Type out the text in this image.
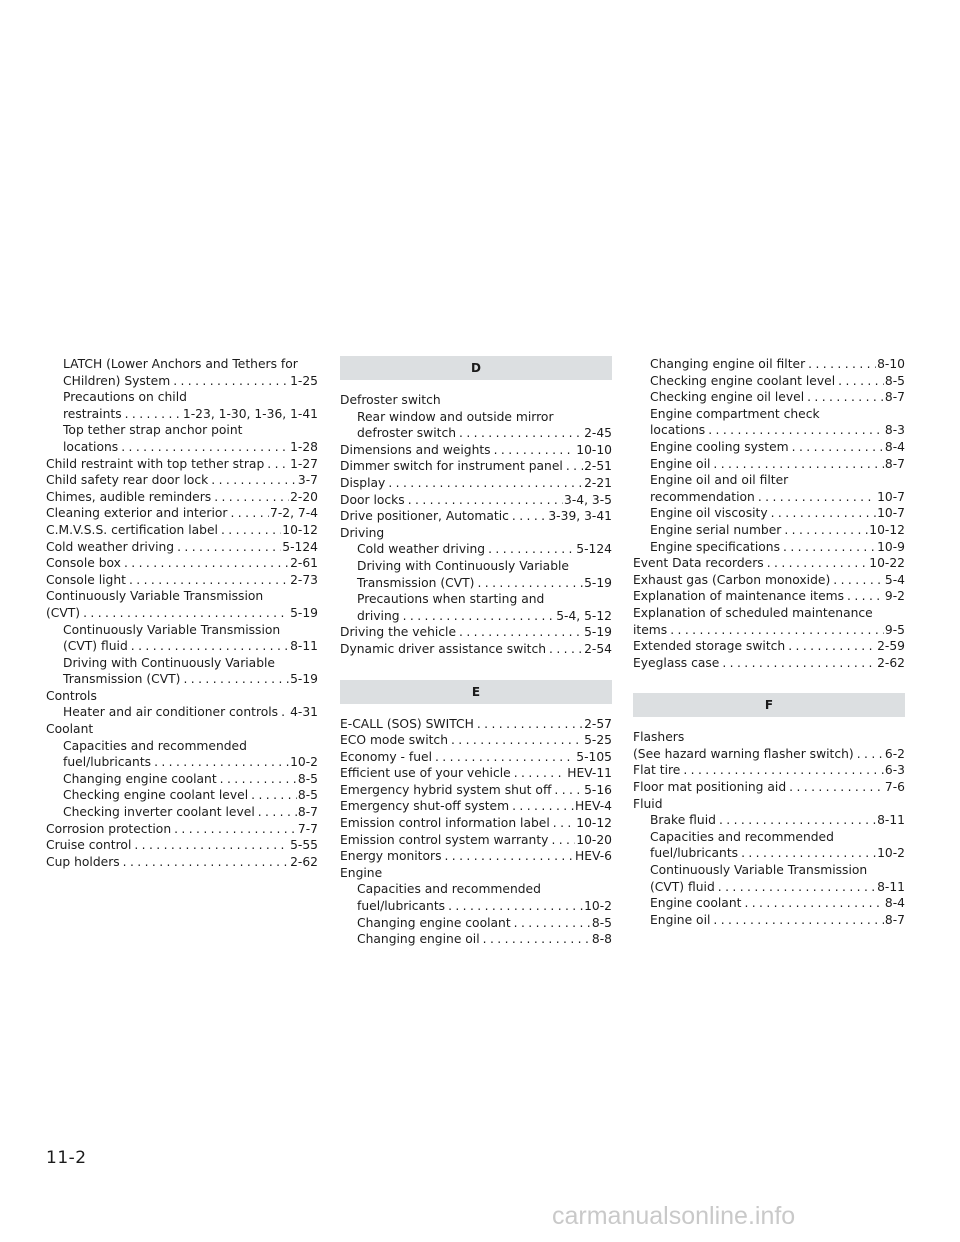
LATCH (Lower Anchors and Tethers for
CHildren) System .....	1-25
Precautions on child
restraints .....	1-23, 1-30, 1-36, 1-41
Top tether strap anchor point
locations .....	1-28
Child restraint with top tether strap ..... 1-27
Child safety rear door lock .....	3-7
Chimes, audible reminders .....	2-20
Cleaning exterior and interior .....	7-2, 7-4
C.M.V.S.S. certification label .....	10-12
Cold weather driving .....	5-124
Console box .....	2-61
Console light .....	2-73
Continuously Variable Transmission
(CVT) .....	5-19
Continuously Variable Transmission
(CVT) fluid .....	8-11
Driving with Continuously Variable
Transmission (CVT) .....	5-19
Controls
Heater and air conditioner controls ..... 4-31
Coolant
Capacities and recommended
fuel/lubricants .....	10-2
Changing engine coolant .....	8-5
Checking engine coolant level .....	8-5
Checking inverter coolant level .....	8-7
Corrosion protection .....	7-7
Cruise control .....	5-55
Cup holders .....	2-62
D
Defroster switch
Rear window and outside mirror
defroster switch .....	2-45
Dimensions and weights .....	10-10
Dimmer switch for instrument panel ..... 2-51
Display .....	2-21
Door locks .....	3-4, 3-5
Drive positioner, Automatic .....	3-39, 3-41
Driving
Cold weather driving .....	5-124
Driving with Continuously Variable
Transmission (CVT) .....	5-19
Precautions when starting and
driving .....	5-4, 5-12
Driving the vehicle .....	5-19
Dynamic driver assistance switch .....	2-54
E
E-CALL (SOS) SWITCH .....	2-57
ECO mode switch .....	5-25
Economy - fuel .....	5-105
Efficient use of your vehicle .....	HEV-11
Emergency hybrid system shut off .....	5-16
Emergency shut-off system .....	HEV-4
Emission control information label ..... 10-12
Emission control system warranty ..... 10-20
Energy monitors .....	HEV-6
Engine
Capacities and recommended
fuel/lubricants .....	10-2
Changing engine coolant .....	8-5
Changing engine oil .....	8-8
Changing engine oil filter .....	8-10
Checking engine coolant level .....	8-5
Checking engine oil level .....	8-7
Engine compartment check
locations .....	8-3
Engine cooling system .....	8-4
Engine oil .....	8-7
Engine oil and oil filter
recommendation .....	10-7
Engine oil viscosity .....	10-7
Engine serial number .....	10-12
Engine specifications .....	10-9
Event Data recorders .....	10-22
Exhaust gas (Carbon monoxide) .....	5-4
Explanation of maintenance items .....	9-2
Explanation of scheduled maintenance
items .....	9-5
Extended storage switch .....	2-59
Eyeglass case .....	2-62
F
Flashers
(See hazard warning flasher switch) .....	6-2
Flat tire .....	6-3
Floor mat positioning aid .....	7-6
Fluid
Brake fluid .....	8-11
Capacities and recommended
fuel/lubricants .....	10-2
Continuously Variable Transmission
(CVT) fluid .....	8-11
Engine coolant .....	8-4
Engine oil .....	8-7
11-2
carmanualsonline.info
